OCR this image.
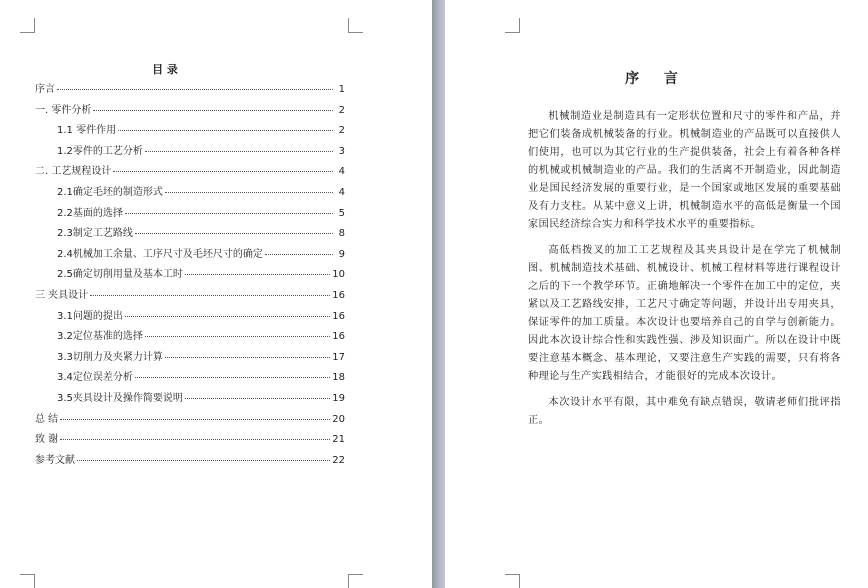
目 录
序言	1
一. 零件分析	2
1.1 零件作用	2
1.2零件的工艺分析	3
二. 工艺规程设计	4
2.1确定毛坯的制造形式	4
2.2基面的选择	5
2.3制定工艺路线	8
2.4机械加工余量、工序尺寸及毛坯尺寸的确定	9
2.5确定切削用量及基本工时	10
三 夹具设计	16
3.1问题的提出	16
3.2定位基准的选择	16
3.3切削力及夹紧力计算	17
3.4定位误差分析	18
3.5夹具设计及操作简要说明	19
总 结	20
致 谢	21
参考文献	22
序 言

机械制造业是制造具有一定形状位置和尺寸的零件和产品，并把它们装备成机械装备的行业。机械制造业的产品既可以直接供人们使用，也可以为其它行业的生产提供装备，社会上有着各种各样的机械或机械制造业的产品。我们的生活离不开制造业，因此制造业是国民经济发展的重要行业，是一个国家或地区发展的重要基础及有力支柱。从某中意义上讲，机械制造水平的高低是衡量一个国家国民经济综合实力和科学技术水平的重要指标。

高低档拨叉的加工工艺规程及其夹具设计是在学完了机械制图、机械制造技术基础、机械设计、机械工程材料等进行课程设计之后的下一个教学环节。正确地解决一个零件在加工中的定位，夹紧以及工艺路线安排，工艺尺寸确定等问题，并设计出专用夹具，保证零件的加工质量。本次设计也要培养自己的自学与创新能力。因此本次设计综合性和实践性强、涉及知识面广。所以在设计中既要注意基本概念、基本理论，又要注意生产实践的需要，只有将各种理论与生产实践相结合，才能很好的完成本次设计。

本次设计水平有限，其中难免有缺点错误，敬请老师们批评指正。
